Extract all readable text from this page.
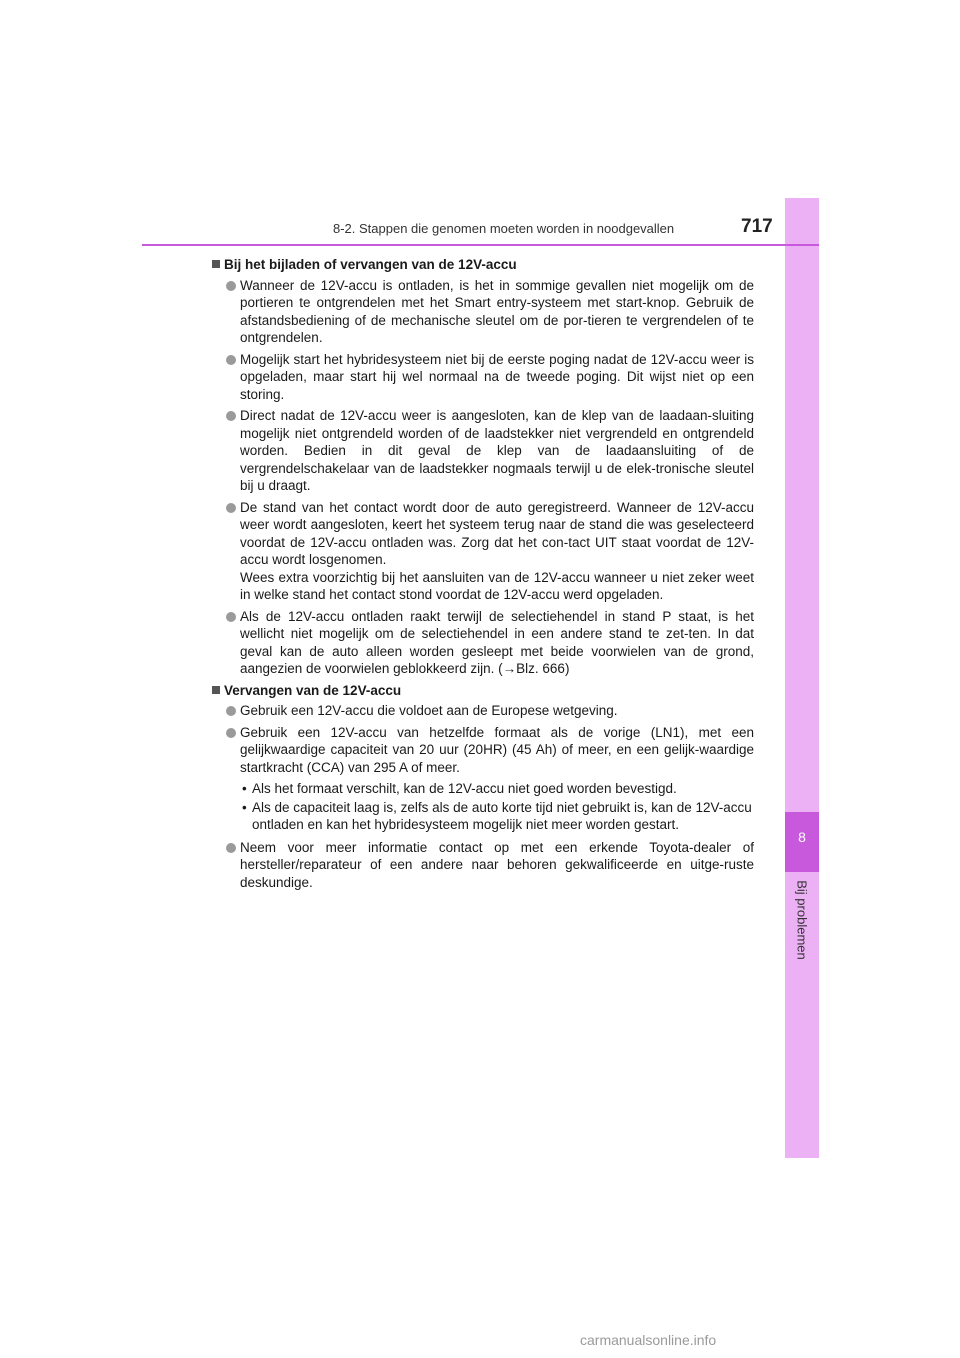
8
Bij problemen
8-2. Stappen die genomen moeten worden in noodgevallen	717
Bij het bijladen of vervangen van de 12V-accu
Wanneer de 12V-accu is ontladen, is het in sommige gevallen niet mogelijk om de portieren te ontgrendelen met het Smart entry-systeem met start-knop. Gebruik de afstandsbediening of de mechanische sleutel om de por-tieren te vergrendelen of te ontgrendelen.
Mogelijk start het hybridesysteem niet bij de eerste poging nadat de 12V-accu weer is opgeladen, maar start hij wel normaal na de tweede poging. Dit wijst niet op een storing.
Direct nadat de 12V-accu weer is aangesloten, kan de klep van de laadaan-sluiting mogelijk niet ontgrendeld worden of de laadstekker niet vergrendeld en ontgrendeld worden. Bedien in dit geval de klep van de laadaansluiting of de vergrendelschakelaar van de laadstekker nogmaals terwijl u de elek-tronische sleutel bij u draagt.
De stand van het contact wordt door de auto geregistreerd. Wanneer de 12V-accu weer wordt aangesloten, keert het systeem terug naar de stand die was geselecteerd voordat de 12V-accu ontladen was. Zorg dat het con-tact UIT staat voordat de 12V-accu wordt losgenomen.
Wees extra voorzichtig bij het aansluiten van de 12V-accu wanneer u niet zeker weet in welke stand het contact stond voordat de 12V-accu werd opgeladen.
Als de 12V-accu ontladen raakt terwijl de selectiehendel in stand P staat, is het wellicht niet mogelijk om de selectiehendel in een andere stand te zet-ten. In dat geval kan de auto alleen worden gesleept met beide voorwielen van de grond, aangezien de voorwielen geblokkeerd zijn. (→Blz. 666)
Vervangen van de 12V-accu
Gebruik een 12V-accu die voldoet aan de Europese wetgeving.
Gebruik een 12V-accu van hetzelfde formaat als de vorige (LN1), met een gelijkwaardige capaciteit van 20 uur (20HR) (45 Ah) of meer, en een gelijk-waardige startkracht (CCA) van 295 A of meer.
• Als het formaat verschilt, kan de 12V-accu niet goed worden bevestigd.
• Als de capaciteit laag is, zelfs als de auto korte tijd niet gebruikt is, kan de 12V-accu ontladen en kan het hybridesysteem mogelijk niet meer worden gestart.
Neem voor meer informatie contact op met een erkende Toyota-dealer of hersteller/reparateur of een andere naar behoren gekwalificeerde en uitge-ruste deskundige.
carmanualsonline.info
